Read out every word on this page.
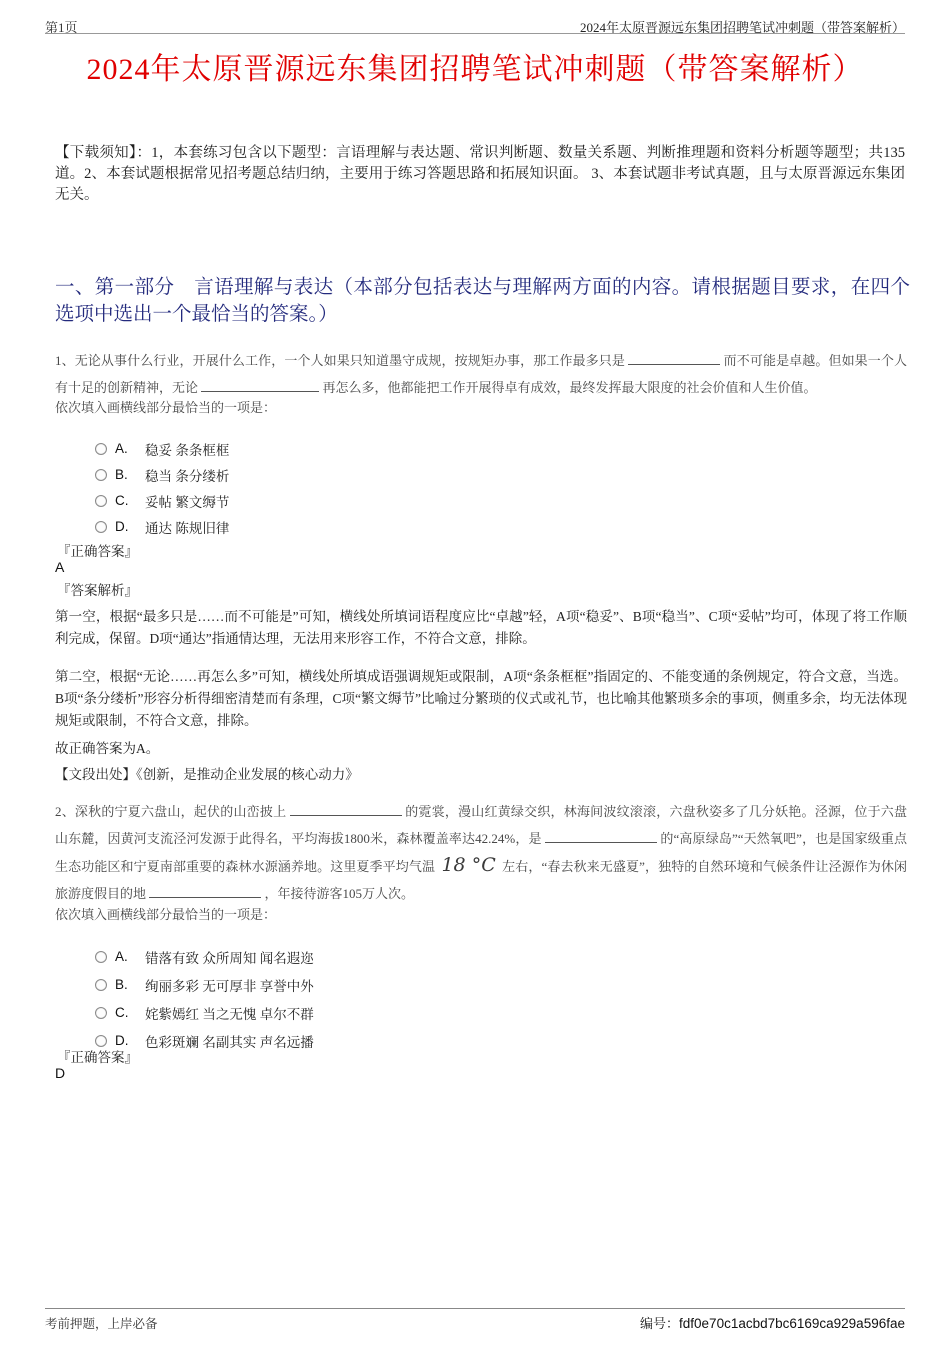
第1页	2024年太原晋源远东集团招聘笔试冲刺题（带答案解析）
2024年太原晋源远东集团招聘笔试冲刺题（带答案解析）
【下载须知】：1，本套练习包含以下题型：言语理解与表达题、常识判断题、数量关系题、判断推理题和资料分析题等题型；共135道。2、本套试题根据常见招考题总结归纳，主要用于练习答题思路和拓展知识面。 3、本套试题非考试真题，且与太原晋源远东集团无关。
一、第一部分　言语理解与表达（本部分包括表达与理解两方面的内容。请根据题目要求，在四个选项中选出一个最恰当的答案。）
1、无论从事什么行业，开展什么工作，一个人如果只知道墨守成规，按规矩办事，那工作最多只是	而不可能是卓越。但如果一个人有十足的创新精神，无论	再怎么多，他都能把工作开展得卓有成效，最终发挥最大限度的社会价值和人生价值。
依次填入画横线部分最恰当的一项是：
A.	稳妥 条条框框
B.	稳当 条分缕析
C.	妥帖 繁文缛节
D.	通达 陈规旧律
『正确答案』
A
『答案解析』
第一空，根据“最多只是……而不可能是”可知，横线处所填词语程度应比“卓越”轻，A项“稳妥”、B项“稳当”、C项“妥帖”均可，体现了将工作顺利完成，保留。D项“通达”指通情达理，无法用来形容工作，不符合文意，排除。
第二空，根据“无论……再怎么多”可知，横线处所填成语强调规矩或限制，A项“条条框框”指固定的、不能变通的条例规定，符合文意，当选。B项“条分缕析”形容分析得细密清楚而有条理，C项“繁文缛节”比喻过分繁琐的仪式或礼节，也比喻其他繁琐多余的事项，侧重多余，均无法体现规矩或限制，不符合文意，排除。
故正确答案为A。
【文段出处】《创新，是推动企业发展的核心动力》
2、深秋的宁夏六盘山，起伏的山峦披上	的霓裳，漫山红黄绿交织，林海间波纹滚滚，六盘秋姿多了几分妖艳。泾源，位于六盘山东麓，因黄河支流泾河发源于此得名，平均海拔1800米，森林覆盖率达42.24%，是	的“高原绿岛”“天然氧吧”，也是国家级重点生态功能区和宁夏南部重要的森林水源涵养地。这里夏季平均气温 18 °C 左右，“春去秋来无盛夏”，独特的自然环境和气候条件让泾源作为休闲旅游度假目的地	，年接待游客105万人次。
依次填入画横线部分最恰当的一项是：
A.	错落有致 众所周知 闻名遐迩
B.	绚丽多彩 无可厚非 享誉中外
C.	姹紫嫣红 当之无愧 卓尔不群
D.	色彩斑斓 名副其实 声名远播
『正确答案』
D
考前押题，上岸必备	编号：fdf0e70c1acbd7bc6169ca929a596fae
